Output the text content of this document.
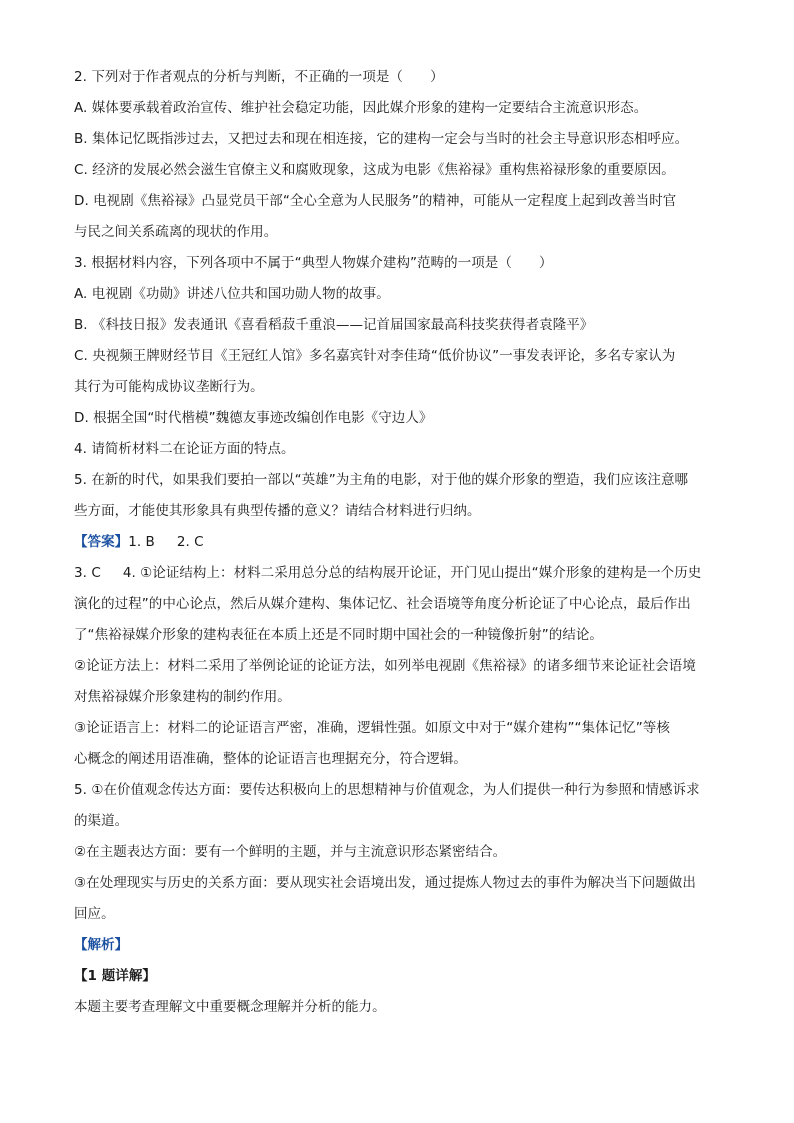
2. 下列对于作者观点的分析与判断，不正确的一项是（　　）

A. 媒体要承载着政治宣传、维护社会稳定功能，因此媒介形象的建构一定要结合主流意识形态。

B. 集体记忆既指涉过去，又把过去和现在相连接，它的建构一定会与当时的社会主导意识形态相呼应。

C. 经济的发展必然会滋生官僚主义和腐败现象，这成为电影《焦裕禄》重构焦裕禄形象的重要原因。

D. 电视剧《焦裕禄》凸显党员干部“全心全意为人民服务”的精神，可能从一定程度上起到改善当时官

与民之间关系疏离的现状的作用。

3. 根据材料内容，下列各项中不属于“典型人物媒介建构”范畴的一项是（　　）

A. 电视剧《功勋》讲述八位共和国功勋人物的故事。

B. 《科技日报》发表通讯《喜看稻菽千重浪——记首届国家最高科技奖获得者袁隆平》

C. 央视频王牌财经节目《王冠红人馆》多名嘉宾针对李佳琦“低价协议”一事发表评论，多名专家认为

其行为可能构成协议垄断行为。

D. 根据全国“时代楷模”魏德友事迹改编创作电影《守边人》

4. 请简析材料二在论证方面的特点。

5. 在新的时代，如果我们要拍一部以“英雄”为主角的电影，对于他的媒介形象的塑造，我们应该注意哪

些方面，才能使其形象具有典型传播的意义？请结合材料进行归纳。

【答案】1. B 2. C

3. C 4. ①论证结构上：材料二采用总分总的结构展开论证，开门见山提出“媒介形象的建构是一个历史

演化的过程”的中心论点，然后从媒介建构、集体记忆、社会语境等角度分析论证了中心论点，最后作出

了“焦裕禄媒介形象的建构表征在本质上还是不同时期中国社会的一种镜像折射”的结论。

②论证方法上：材料二采用了举例论证的论证方法，如列举电视剧《焦裕禄》的诸多细节来论证社会语境

对焦裕禄媒介形象建构的制约作用。

③论证语言上：材料二的论证语言严密，准确，逻辑性强。如原文中对于“媒介建构”“集体记忆”等核

心概念的阐述用语准确，整体的论证语言也理据充分，符合逻辑。

5. ①在价值观念传达方面：要传达积极向上的思想精神与价值观念，为人们提供一种行为参照和情感诉求

的渠道。

②在主题表达方面：要有一个鲜明的主题，并与主流意识形态紧密结合。

③在处理现实与历史的关系方面：要从现实社会语境出发，通过提炼人物过去的事件为解决当下问题做出

回应。

【解析】

【1 题详解】

本题主要考查理解文中重要概念理解并分析的能力。
